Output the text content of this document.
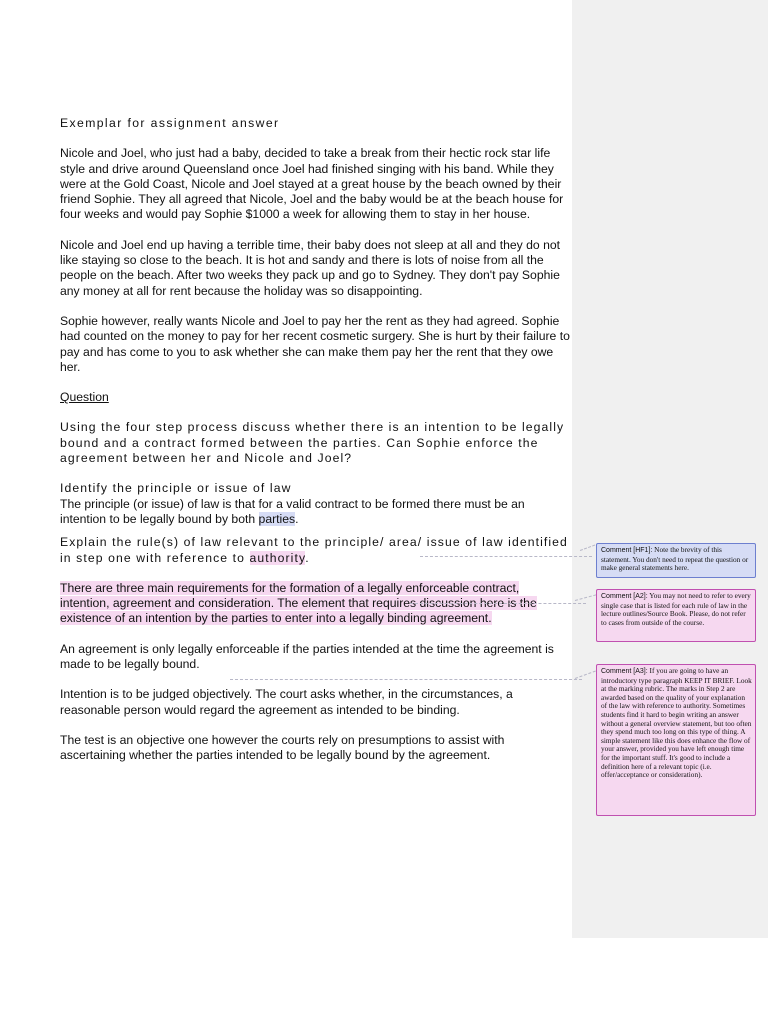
Exemplar for assignment answer

Nicole and Joel, who just had a baby, decided to take a break from their hectic rock star life style and drive around Queensland once Joel had finished singing with his band. While they were at the Gold Coast, Nicole and Joel stayed at a great house by the beach owned by their friend Sophie. They all agreed that Nicole, Joel and the baby would be at the beach house for four weeks and would pay Sophie $1000 a week for allowing them to stay in her house.

Nicole and Joel end up having a terrible time, their baby does not sleep at all and they do not like staying so close to the beach. It is hot and sandy and there is lots of noise from all the people on the beach. After two weeks they pack up and go to Sydney. They don't pay Sophie any money at all for rent because the holiday was so disappointing.

Sophie however, really wants Nicole and Joel to pay her the rent as they had agreed. Sophie had counted on the money to pay for her recent cosmetic surgery. She is hurt by their failure to pay and has come to you to ask whether she can make them pay her the rent that they owe her.

Question

Using the four step process discuss whether there is an intention to be legally bound and a contract formed between the parties. Can Sophie enforce the agreement between her and Nicole and Joel?

Identify the principle or issue of law
The principle (or issue) of law is that for a valid contract to be formed there must be an intention to be legally bound by both parties.

Explain the rule(s) of law relevant to the principle/ area/ issue of law identified in step one with reference to authority.

There are three main requirements for the formation of a legally enforceable contract, intention, agreement and consideration. The element that requires discussion here is the existence of an intention by the parties to enter into a legally binding agreement.

An agreement is only legally enforceable if the parties intended at the time the agreement is made to be legally bound.

Intention is to be judged objectively. The court asks whether, in the circumstances, a reasonable person would regard the agreement as intended to be binding.

The test is an objective one however the courts rely on presumptions to assist with ascertaining whether the parties intended to be legally bound by the agreement.

Comment [HF1]: Note the brevity of this statement. You don't need to repeat the question or make general statements here.
Comment [A2]: You may not need to refer to every single case that is listed for each rule of law in the lecture outlines/Source Book. Please, do not refer to cases from outside of the course.
Comment [A3]: If you are going to have an introductory type paragraph KEEP IT BRIEF. Look at the marking rubric. The marks in Step 2 are awarded based on the quality of your explanation of the law with reference to authority. Sometimes students find it hard to begin writing an answer without a general overview statement, but too often they spend much too long on this type of thing. A simple statement like this does enhance the flow of your answer, provided you have left enough time for the important stuff. It's good to include a definition here of a relevant topic (i.e. offer/acceptance or consideration).
